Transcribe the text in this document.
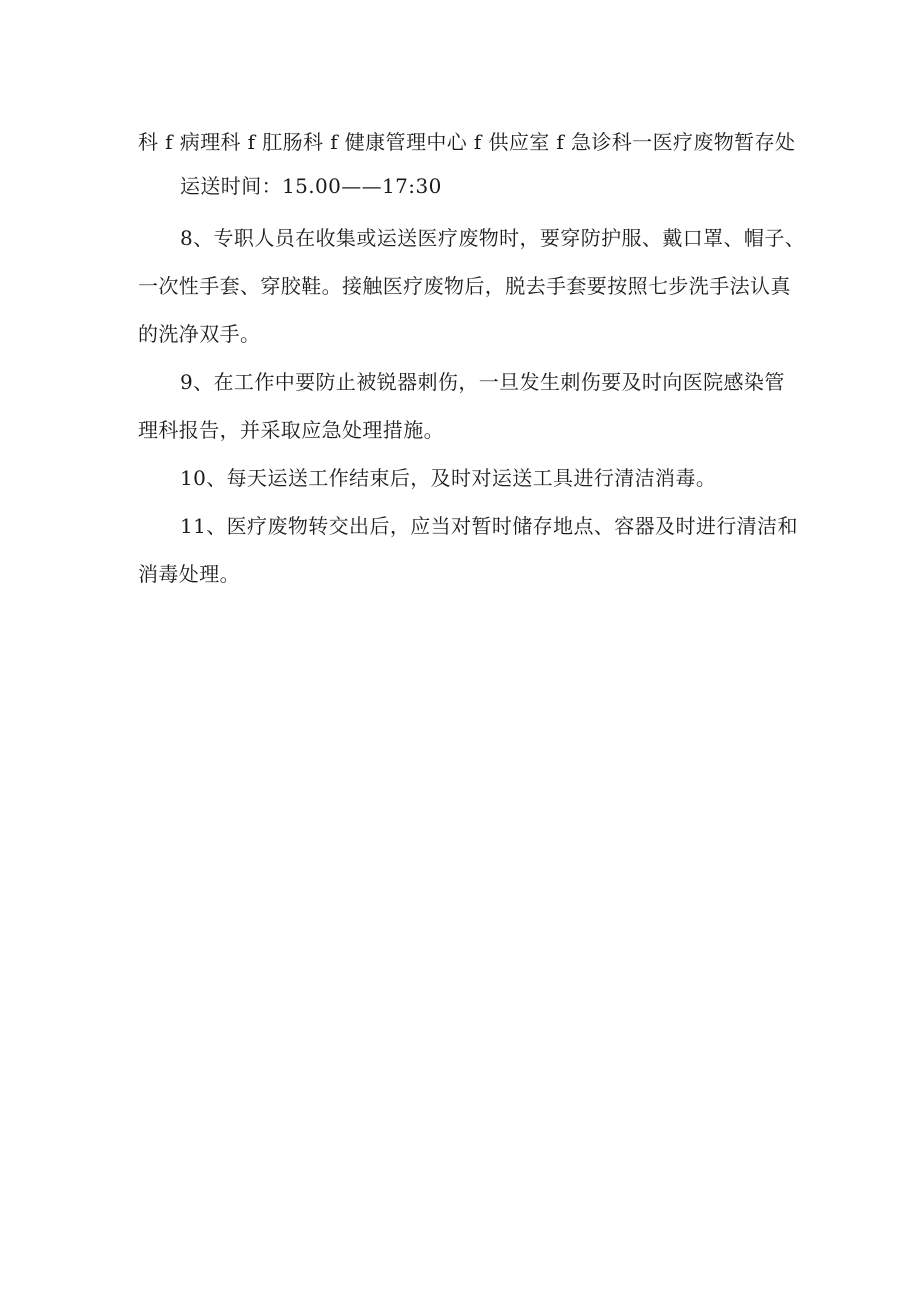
科 f 病理科 f 肛肠科 f 健康管理中心 f 供应室 f 急诊科一医疗废物暂存处
运送时间：15.00——17:30
8、专职人员在收集或运送医疗废物时，要穿防护服、戴口罩、帽子、
一次性手套、穿胶鞋。接触医疗废物后，脱去手套要按照七步洗手法认真
的洗净双手。
9、在工作中要防止被锐器刺伤，一旦发生刺伤要及时向医院感染管
理科报告，并采取应急处理措施。
10、每天运送工作结束后，及时对运送工具进行清洁消毒。
11、医疗废物转交出后，应当对暂时储存地点、容器及时进行清洁和
消毒处理。
